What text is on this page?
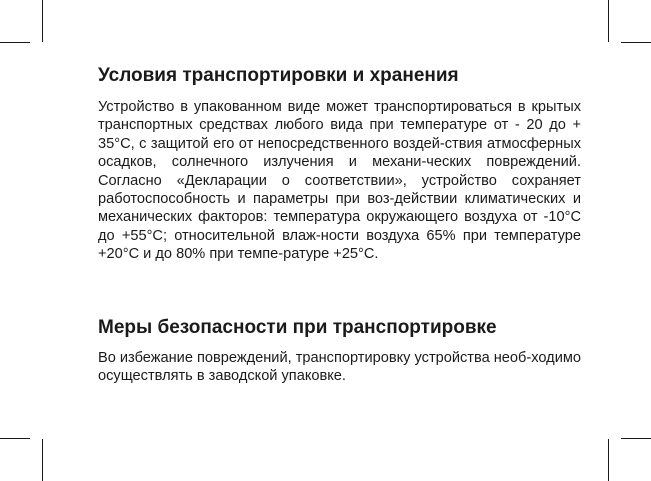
Условия транспортировки и хранения

Устройство в упакованном виде может транспортироваться в крытых транспортных средствах любого вида при температуре от - 20 до + 35°С, с защитой его от непосредственного воздей-ствия атмосферных осадков, солнечного излучения и механи-ческих повреждений. Согласно «Декларации о соответствии», устройство сохраняет работоспособность и параметры при воз-действии климатических и механических факторов: температура окружающего воздуха от -10°С до +55°С; относительной влаж-ности воздуха 65% при температуре +20°С и до 80% при темпе-ратуре +25°С.

Меры безопасности при транспортировке

Во избежание повреждений, транспортировку устройства необ-ходимо осуществлять в заводской упаковке.
